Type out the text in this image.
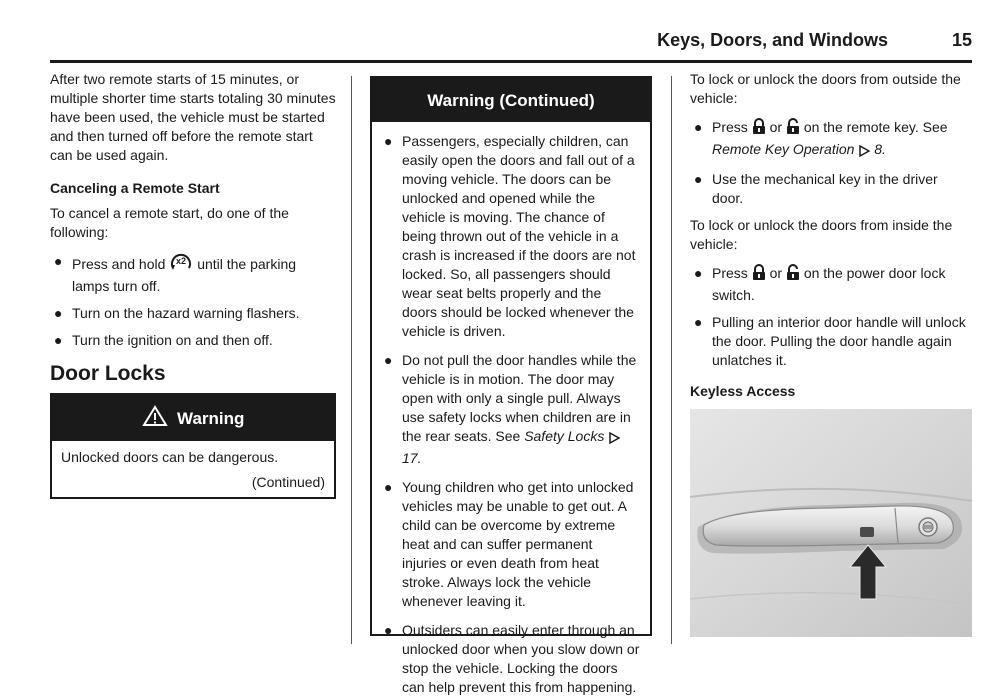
Keys, Doors, and Windows	15

After two remote starts of 15 minutes, or multiple shorter time starts totaling 30 minutes have been used, the vehicle must be started and then turned off before the remote start can be used again.

Canceling a Remote Start

To cancel a remote start, do one of the following:

● Press and hold x2 until the parking lamps turn off.
● Turn on the hazard warning flashers.
● Turn the ignition on and then off.
Door Locks
Warning
Unlocked doors can be dangerous.
(Continued)
Warning (Continued)
● Passengers, especially children, can easily open the doors and fall out of a moving vehicle. The doors can be unlocked and opened while the vehicle is moving. The chance of being thrown out of the vehicle in a crash is increased if the doors are not locked. So, all passengers should wear seat belts properly and the doors should be locked whenever the vehicle is driven.
● Do not pull the door handles while the vehicle is in motion. The door may open with only a single pull. Always use safety locks when children are in the rear seats. See Safety Locks  17.
● Young children who get into unlocked vehicles may be unable to get out. A child can be overcome by extreme heat and can suffer permanent injuries or even death from heat stroke. Always lock the vehicle whenever leaving it.
● Outsiders can easily enter through an unlocked door when you slow down or stop the vehicle. Locking the doors can help prevent this from happening.

To lock or unlock the doors from outside the vehicle:

● Press or on the remote key. See Remote Key Operation 8.
● Use the mechanical key in the driver door.

To lock or unlock the doors from inside the vehicle:

● Press or on the power door lock switch.
● Pulling an interior door handle will unlock the door. Pulling the door handle again unlatches it.
Keyless Access
